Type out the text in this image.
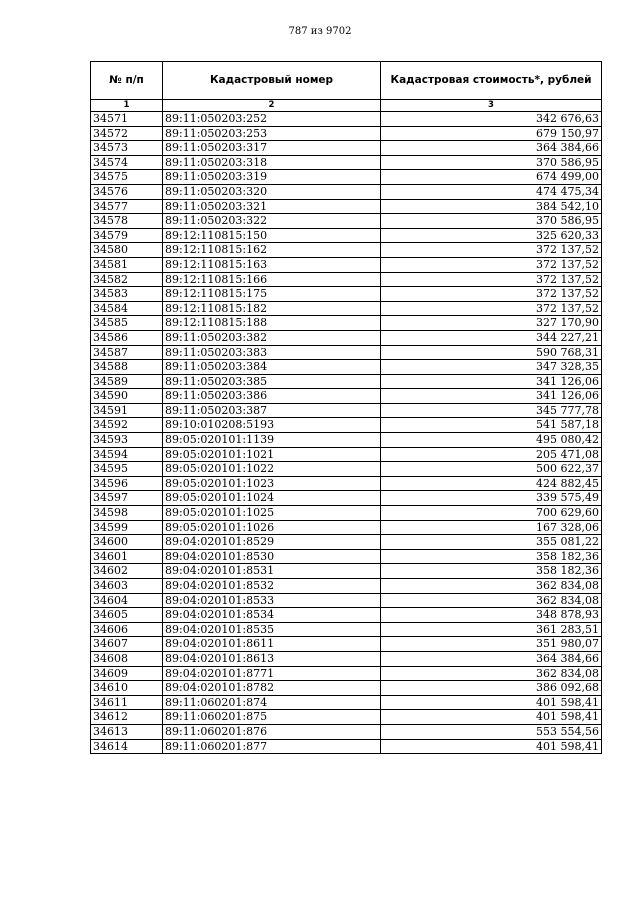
787 из 9702
№ п/п	Кадастровый номер	Кадастровая стоимость*, рублей
1	2	3
34571	89:11:050203:252	342 676,63
34572	89:11:050203:253	679 150,97
34573	89:11:050203:317	364 384,66
34574	89:11:050203:318	370 586,95
34575	89:11:050203:319	674 499,00
34576	89:11:050203:320	474 475,34
34577	89:11:050203:321	384 542,10
34578	89:11:050203:322	370 586,95
34579	89:12:110815:150	325 620,33
34580	89:12:110815:162	372 137,52
34581	89:12:110815:163	372 137,52
34582	89:12:110815:166	372 137,52
34583	89:12:110815:175	372 137,52
34584	89:12:110815:182	372 137,52
34585	89:12:110815:188	327 170,90
34586	89:11:050203:382	344 227,21
34587	89:11:050203:383	590 768,31
34588	89:11:050203:384	347 328,35
34589	89:11:050203:385	341 126,06
34590	89:11:050203:386	341 126,06
34591	89:11:050203:387	345 777,78
34592	89:10:010208:5193	541 587,18
34593	89:05:020101:1139	495 080,42
34594	89:05:020101:1021	205 471,08
34595	89:05:020101:1022	500 622,37
34596	89:05:020101:1023	424 882,45
34597	89:05:020101:1024	339 575,49
34598	89:05:020101:1025	700 629,60
34599	89:05:020101:1026	167 328,06
34600	89:04:020101:8529	355 081,22
34601	89:04:020101:8530	358 182,36
34602	89:04:020101:8531	358 182,36
34603	89:04:020101:8532	362 834,08
34604	89:04:020101:8533	362 834,08
34605	89:04:020101:8534	348 878,93
34606	89:04:020101:8535	361 283,51
34607	89:04:020101:8611	351 980,07
34608	89:04:020101:8613	364 384,66
34609	89:04:020101:8771	362 834,08
34610	89:04:020101:8782	386 092,68
34611	89:11:060201:874	401 598,41
34612	89:11:060201:875	401 598,41
34613	89:11:060201:876	553 554,56
34614	89:11:060201:877	401 598,41
